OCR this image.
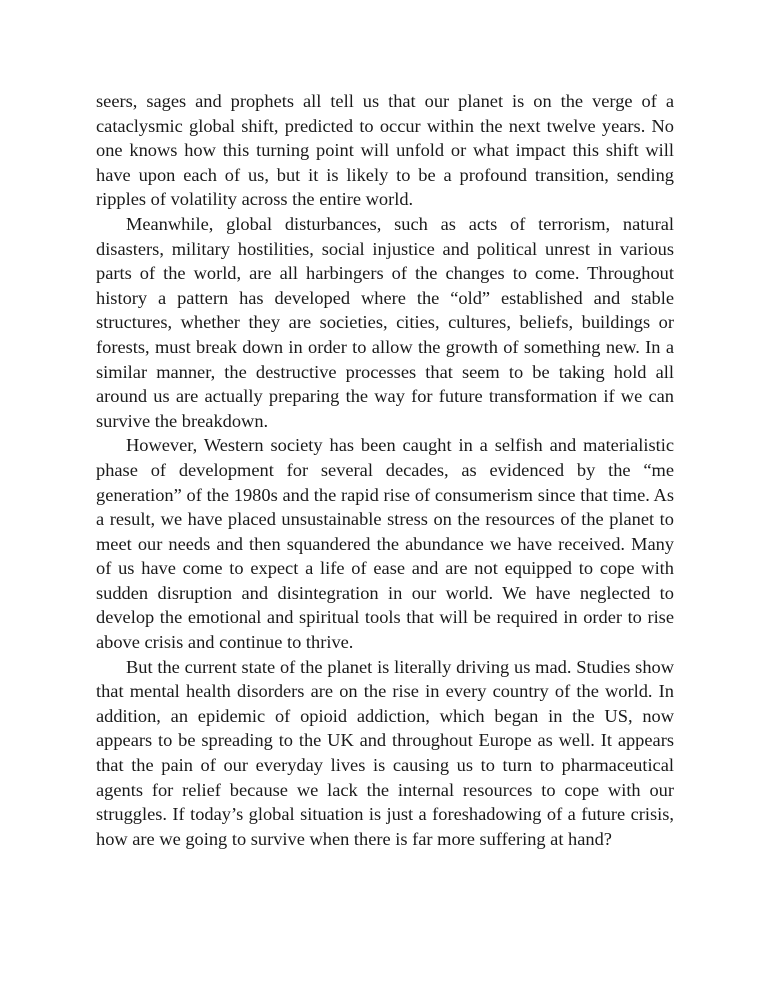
seers, sages and prophets all tell us that our planet is on the verge of a cataclysmic global shift, predicted to occur within the next twelve years. No one knows how this turning point will unfold or what impact this shift will have upon each of us, but it is likely to be a profound transition, sending ripples of volatility across the entire world.

Meanwhile, global disturbances, such as acts of terrorism, natural disasters, military hostilities, social injustice and political unrest in various parts of the world, are all harbingers of the changes to come. Throughout history a pattern has developed where the “old” established and stable structures, whether they are societies, cities, cultures, beliefs, buildings or forests, must break down in order to allow the growth of something new. In a similar manner, the destructive processes that seem to be taking hold all around us are actually preparing the way for future transformation if we can survive the breakdown.

However, Western society has been caught in a selfish and materialistic phase of development for several decades, as evidenced by the “me generation” of the 1980s and the rapid rise of consumerism since that time. As a result, we have placed unsustainable stress on the resources of the planet to meet our needs and then squandered the abundance we have received. Many of us have come to expect a life of ease and are not equipped to cope with sudden disruption and disintegration in our world. We have neglected to develop the emotional and spiritual tools that will be required in order to rise above crisis and continue to thrive.

But the current state of the planet is literally driving us mad. Studies show that mental health disorders are on the rise in every country of the world. In addition, an epidemic of opioid addiction, which began in the US, now appears to be spreading to the UK and throughout Europe as well. It appears that the pain of our everyday lives is causing us to turn to pharmaceutical agents for relief because we lack the internal resources to cope with our struggles. If today’s global situation is just a foreshadowing of a future crisis, how are we going to survive when there is far more suffering at hand?
